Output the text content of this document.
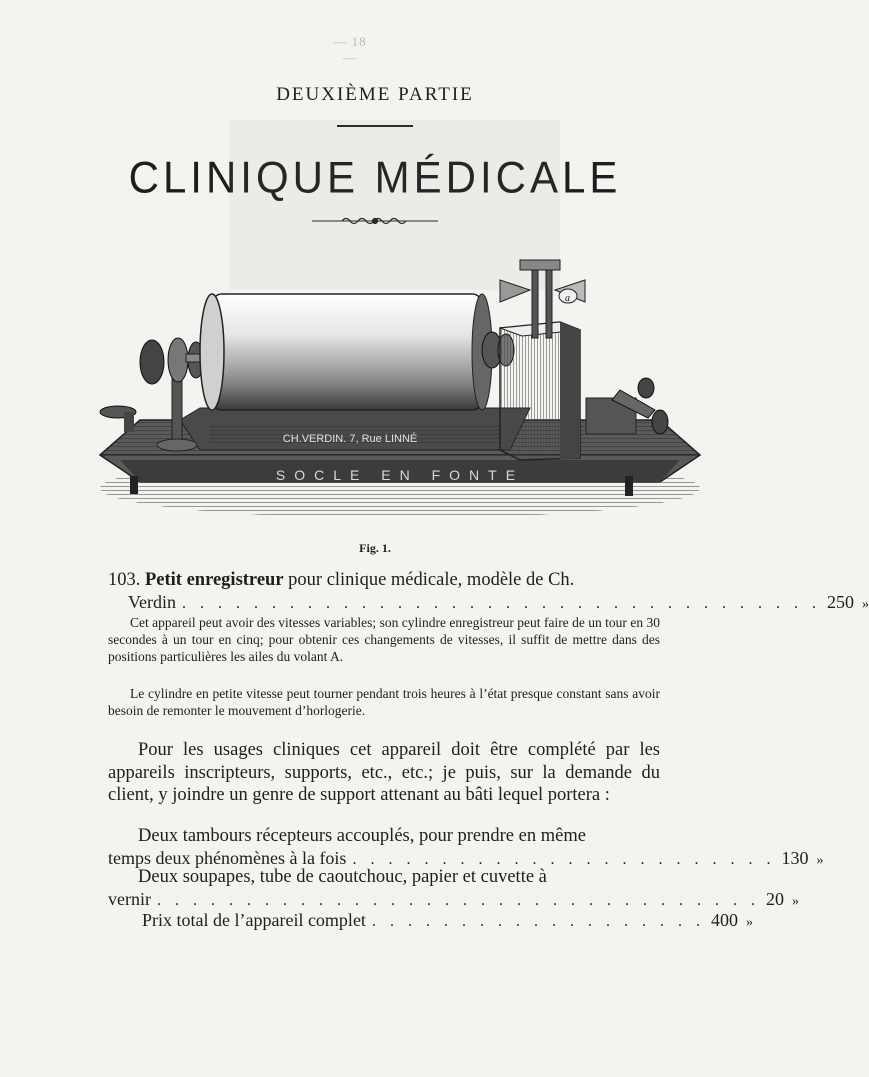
— 18 —
DEUXIÈME PARTIE
CLINIQUE MÉDICALE
SOCLE EN FONTE
CH.VERDIN. 7, Rue LINNÉ
a
Fig. 1.
103. Petit enregistreur pour clinique médicale, modèle de Ch.
Verdin . . . . . . . . . . . . . . . . . . . . . . . . . . . . . . . . . . . . 250 »
Cet appareil peut avoir des vitesses variables; son cylindre enregistreur peut faire de un tour en 30 secondes à un tour en cinq; pour obtenir ces changements de vitesses, il suffit de mettre dans des positions particulières les ailes du volant A.
Le cylindre en petite vitesse peut tourner pendant trois heures à l’état presque constant sans avoir besoin de remonter le mouvement d’horlogerie.
Pour les usages cliniques cet appareil doit être complété par les appareils inscripteurs, supports, etc., etc.; je puis, sur la demande du client, y joindre un genre de support attenant au bâti lequel portera :
Deux tambours récepteurs accouplés, pour prendre en même
temps deux phénomènes à la fois . . . . . . . . . . . . . . . . . . . . . . . . 130 »
Deux soupapes, tube de caoutchouc, papier et cuvette à
vernir . . . . . . . . . . . . . . . . . . . . . . . . . . . . . . . . . . 20 »
Prix total de l’appareil complet . . . . . . . . . . . . . . . . . . . 400 »
